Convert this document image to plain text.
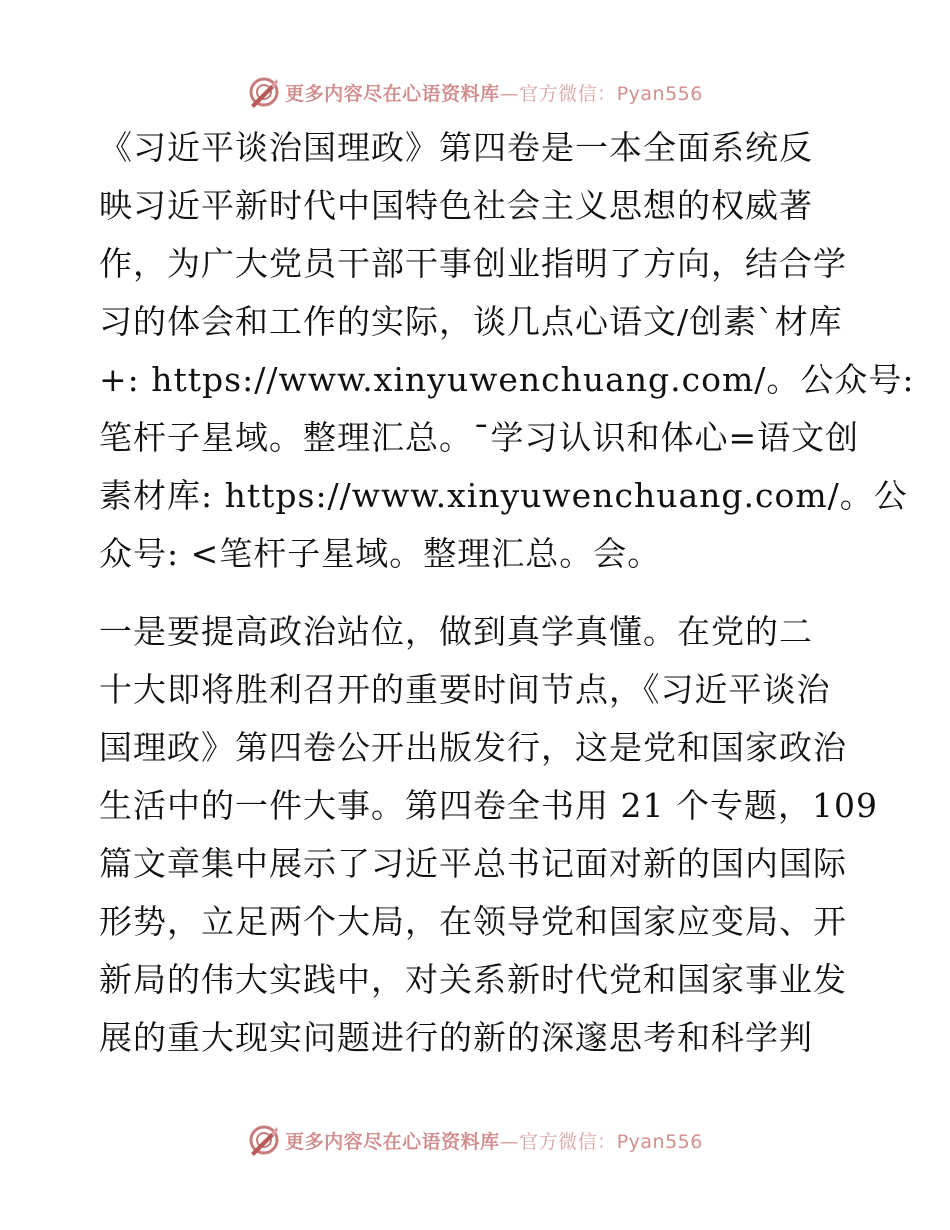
更多内容尽在心语资料库—官方微信：Pyan556
《习近平谈治国理政》第四卷是一本全面系统反
映习近平新时代中国特色社会主义思想的权威著
作，为广大党员干部干事创业指明了方向，结合学
习的体会和工作的实际，谈几点心语文/创素`材库
+: https://www.xinyuwenchuang.com/。公众号:
笔杆子星域。整理汇总。¯学习认识和体心=语文创
素材库: https://www.xinyuwenchuang.com/。公
众号: <笔杆子星域。整理汇总。会。
一是要提高政治站位，做到真学真懂。在党的二
十大即将胜利召开的重要时间节点，《习近平谈治
国理政》第四卷公开出版发行，这是党和国家政治
生活中的一件大事。第四卷全书用 21 个专题，109
篇文章集中展示了习近平总书记面对新的国内国际
形势，立足两个大局，在领导党和国家应变局、开
新局的伟大实践中，对关系新时代党和国家事业发
展的重大现实问题进行的新的深邃思考和科学判
更多内容尽在心语资料库—官方微信：Pyan556
